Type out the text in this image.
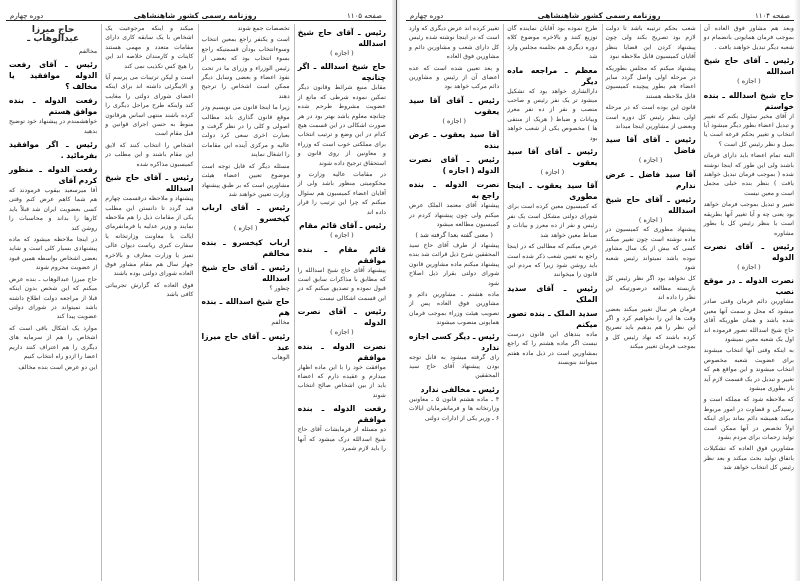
صفحه ۱۱۰۵
روزنامه رسمی کشور شاهنشاهی
دوره چهارم
رئیس ـ آقای حاج شیخ اسدالله
( اجازه )
حاج شیخ اسدالله ـ اگر چنانچه

مقابل منبع شرائط وقانون دیگر تمکین نموده شرطی که مانع از عضویت مشروط طرحم شده چنانچه معلوم باشد بهتر بود در هر صورت اشکالی در این قسمت هیچ کدام در این وضع و ترتیب انتخاب برای مملکتی خوب است که وزراء و معاونین از روی قانون و استحقاق ترجیح داده شوند

در مقامات عالیه وزارت و محکومیتی منظور باشد ولی از آقایان اعضاء کمیسیون هم سئوال میکنم که چرا این ترتیب را قرار داده اند

رئیس ـ آقای قائم مقام
( اجازه )
قائم مقام ـ بنده موافقم

پیشنهاد آقای حاج شیخ اسدالله را که مطابق با مذاکرات سابق است قبول نموده و تصدیق میکنم که در این قسمت اشکالی نیست

رئیس ـ آقای نصرت الدوله
( اجازه )
نصرت الدوله ـ بنده موافقم

موافقت خود را با این ماده اظهار میدارم و عقیده دارم که اعضاء باید از بین اشخاص صالح انتخاب شوند

رفعت الدوله ـ بنده موافقم

دو مسئله از فرمایشات آقای حاج شیخ اسدالله درک میشود که آنها را باید لازم شمرد

تخصصات جمع شوند

است و یکنفر راجع بمعین انتخاب وسوءانتخاب بودآن قسمتیکه راجع بسوء انتخاب بود که بعضی از رئیس الوزراء و وزرای ما در تحت نفوذ اعضاء و بعضی وسایل دیگر ممکن است اشخاص را ترجیح دهند

زیرا ما اینجا قانون می نویسیم ودر موقع قانون گذاری باید مطالب اصولی و کلی را در نظر گرفت و بعبارت اخری سعی کرد دولت عالیه و مرکزی آینده این مقامات را اشغال نمایند

مسئله دیگر که قابل توجه است موضوع تعیین اعضاء هیئت مشاورین است که بر طبق پیشنهاد وزارت تعیین خواهند شد

رئیس ـ آقای ارباب کیخسرو
( اجازه )
ارباب کیخسرو ـ بنده مخالفم
رئیس ـ آقای حاج شیخ اسدالله

چطور ؟

حاج شیخ اسدالله ـ بنده هم

مخالفم

رئیس ـ آقای حاج میرزا عبد

الوهاب

میکند و اینکه مرجوعیت یک اشخاص با یک سابقه کاری دارای مقامات متعدد و مهمی هستند کاینات و کارمندان خلاصه اند این را هیچ کس تکذیب نمی کند

است و لیکن ترتیبات می پرسم آیا و الایبگرئی داشته اند برای اینکه اعضای شورای دولتی را مغایب کند واینکه طرح مراحل دیگری را کرده باشند منتهی اساس هرقانون منوط به حسن اجرای قوانین و قبل مقام است

اشخاص را انتخاب کنند که لایق این مقام باشند و این مطلب در کمیسیون مذاکره شده

رئیس ـ آقای حاج شیخ اسدالله

پیشنهاد و ملاحظه درقسمت چهارم قید گردد تا دانستن این مطلب یکی از مقامات ذیل را هم ملاحظه نمایند و وزیر عدلیه یا فرمانفرمای ایالت یا معاونت وزارتخانه یا سفارت کبری ریاست دیوان عالی تمیز یا وزارت معارف و بالاخره جهار سال هم مقام مشاور فوق العاده شورای دولتی بوده باشند

فوق العاده که گزارش تجربیاتی کافی باشد

حاج میرزا عبدالوهاب ـ

مخالفم

رئیس ـ آقای رفعت الدوله موافقید یا مخالف ؟
رفعت الدوله ـ بنده موافق هستم

خواهشمندم در پیشنهاد خود توضیح بدهید

رئیس ـ اگر موافقید بفرمائید .
رفعت الدوله ـ منظور کردم آقای

آقا میرسعید بیقوب فرمودند که هم شما کاهم عرض کنم وقتی کسی بعضویت ایران شد قبلاً باید کارها را بداند و محاسبات را روشن کند

در اینجا ملاحظه میشود که ماده پیشنهادی بسیار کلی است و شاید بعضی اشخاص بواسطه همین قیود از عضویت محروم شوند

حاج میرزا عبدالوهاب ـ بنده عرض میکنم که این شخص بدون اینکه قبلا از مراجعه دولت اطلاع داشته باشد نمیتواند در شورای دولتی عضویت پیدا کند

موارد یک اشکال باقی است که اشخاص را هم از سرمایه های دیگری را هم اعتراف کنند داریم اعضا را ازدو راه انتخاب کنیم

این دو عرض است بنده مخالف

صفحه ۱۱۰۴
روزنامه رسمی کشور شاهنشاهی
دوره چهارم

وبعد هم مشاور فوق العاده آن بموجب فرمان همایونی بانضمام دو شعبه دیگر تبدیل خواهند یافت .

رئیس ـ آقای حاج شیخ اسدالله
( اجازه )
حاج شیخ اسدالله ـ بنده خواستم

از آقای مخبر سئوال بکنم که تغییر و تبدیل اعضاء بطور دیگر میشود آیا انتخاب و تغییر بحکم قرعه است یا بمیل و نظر رئیس کل است ؟

البته تمام اعضاء باید دارای فرمان باشند ولی این طور که اینجا نوشته شده ( بموجب فرمان تبدیل خواهند یافت ) بنظر بنده خیلی مجمل است و معین نیست

تغییر و تبدیل بموجب فرمان خواهد بود یعنی چه و آیا تغییر آنها بطریقه است یا بنظر رئیس کل یا بطور مشاوره

رئیس ـ آقای نصرت الدوله
( اجازه )
نصرت الدوله ـ در موقع نصب

مشاورین دائم فرمان وقتی صادر میشود که محل و سمت آنها معین شده باشد و همان طوریکه آقای حاج شیخ اسدالله تصور فرموده اند اول یک شعبه معین نمیشود

به اینکه وقتی آنها انتخاب میشوند برای عضویت شعبه مخصوص انتخاب میشوند و این مواقع هم که تغییر و تبدیل در یک قسمت لازم آید باز بطوری میشود

که ملاحظه شود که مملکه است و رسیدگی و قضاوت در امور مربوط میکند همیشه دائم بماند برای اینکه اولاً تخصص در آنها ممکن است تولید زحمات برای مردم بشود

مشاورین فوق العاده که تشکیلات باتفاق تولید بحث میکند و بعد نظر رئیس کل انتخاب خواهد شد

شعب بحکم ترتیبه باشد تا دولت لازم بود تصریح بکند ولی چون پیشنهاد کردن این قضایا بنظر آقایان کمیسیون قابل ملاحظه نبود

پیشنهاد میکنم که مجلس بطوریکه در مرحله اولی واصل گردد سایر اعضاء هم بطور پیچیده کمیسیون قابل ملاحظه هستند

قانون این بوده است که در مرحله اولی بنظر رئیس کل دوره است وبعضی از مشاورین اینجا میداند

رئیس ـ آقای آقا سید فاضل
( اجازه )
آقا سید فاضل ـ عرض ندارم
رئیس ـ آقای حاج شیخ اسدالله
( اجازه )

پیشنهاد مطوری که کمیسیون در ماده نوشته است چون تغییر میکند کسی که بیش از یک سال مشاور نبوده باشد نمیتواند رئیس شعبه شود

کل نخواهد بود اگر نظر رئیس کل بازبسته مطالعه درصورتیکه این نظر را داده اند

فرمان هر سال تغییر میکند بعضی وقت ها این را نخواهیم کرد و اگر این نظر را هم بدهیم باید تصریح کرده باشند که نهاد رئیس کل و بموجب فرمان تغییر میکند

طرح نموده بود آقایان نماینده گان توزیع کنند و بالاخره موضوع کلاه دوره دیگری هم بجلسه مجلس وارد شد

معظم ـ مراجعه ماده دیگر

دارالشاری خواهد بود که تشکیل میشود تر یک نفر رئیس و صاحب منصب و نفر از ده نفر معرز وبیانات و ضباط ( هریک از منتفی ها ) مخصوص یکی از شعب خواهد بود

رئیس ـ آقای آقا سید یعقوب
( اجازه )
آقا سید یعقوب ـ اینجا مطوری

که کمیسیون معین کرده است برای شورای دولتی مشکل است یک نفر رئیس و نفر از ده معرز و بیانات و ضباط معین خواهد شد

عرض میکنم که مطالبی که در اینجا راجع به تعیین شعب ذکر شده است باید روشن شود زیرا که مردم این قانون را میخوانند

رئیس ـ آقای سدید الملک
سدید الملک ـ بنده تصور میکنم

ماده بندهای این قانون درست نیست اگر ماده هشتم را که راجع بمشاورین است در ذیل ماده هفتم میتوانند بنویسند

تغییر کرده اند عرض دیگری که وارد است که در اینجا نوشته شده رئیس کل دارای شعب و مشاورین دائم و مشاورین فوق العاده

و بعد تعیین شده است که عده اعضای آن از رئیس و مشاورین دائم مرکب خواهد بود

رئیس ـ آقای آقا سید یعقوب
( اجازه )
آقا سید یعقوب ـ عرض بنده
رئیس ـ آقای نصرت الدوله ( اجازه )
نصرت الدوله ـ بنده راجع به

پیشنهاد آقای معتمد الملک عرض میکنم ولی چون پیشنهاد کردم در کمیسیون مطالعه میشود

( معنی گفته بعدا گرفته شد )

پیشنهاد از طرف آقای حاج سید المحققین شرح ذیل قرائت شد بنده پیشنهاد میکنم ماده مشاورین قانون شورای دولتی بقرار ذیل اصلاح شود

ماده هشتم ـ مشاورین دائم و مشاورین فوق العاده پس از تصویب هیئت وزراء بموجب فرمان همایونی منصوب میشوند

رئیس ـ دیگر کسی اجازه ندارد

رای گرفته میشود به قابل توجه بودن پیشنهاد آقای حاج سید المحققین

رئیس ـ مخالفی ندارد

۴ ـ ماده هشتم قانون ۵ ـ معاونین وزارتخانه ها و فرمانفرمایان ایالات ۶ ـ وزیر یکی از ادارات دولتی
